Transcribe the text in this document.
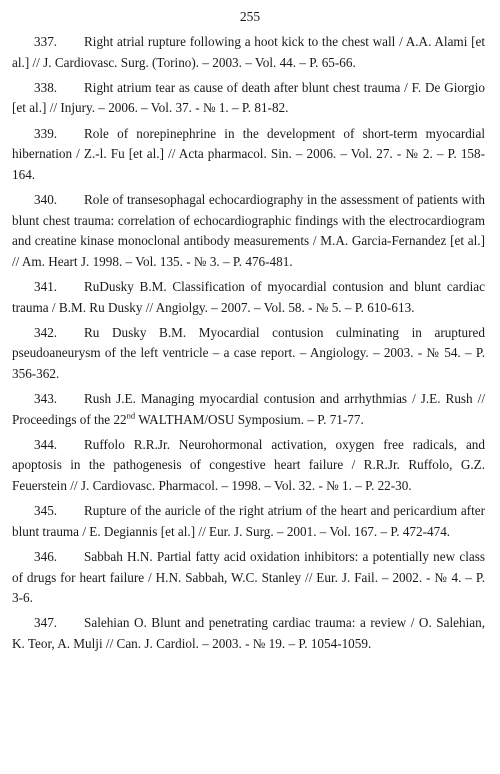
255
337. Right atrial rupture following a hoot kick to the chest wall / A.A. Alami [et al.] // J. Cardiovasc. Surg. (Torino). – 2003. – Vol. 44. – P. 65-66.
338. Right atrium tear as cause of death after blunt chest trauma / F. De Giorgio [et al.] // Injury. – 2006. – Vol. 37. - № 1. – P. 81-82.
339. Role of norepinephrine in the development of short-term myocardial hibernation / Z.-l. Fu [et al.] // Acta pharmacol. Sin. – 2006. – Vol. 27. - № 2. – P. 158-164.
340. Role of transesophagal echocardiography in the assessment of patients with blunt chest trauma: correlation of echocardiographic findings with the electrocardiogram and creatine kinase monoclonal antibody measurements / M.A. Garcia-Fernandez [et al.] // Am. Heart J. 1998. – Vol. 135. - № 3. – P. 476-481.
341. RuDusky B.M. Classification of myocardial contusion and blunt cardiac trauma / B.M. Ru Dusky // Angiolgy. – 2007. – Vol. 58. - № 5. – P. 610-613.
342. Ru Dusky B.M. Myocardial contusion culminating in aruptured pseudoaneurysm of the left ventricle – a case report. – Angiology. – 2003. - № 54. – P. 356-362.
343. Rush J.E. Managing myocardial contusion and arrhythmias / J.E. Rush // Proceedings of the 22nd WALTHAM/OSU Symposium. – P. 71-77.
344. Ruffolo R.R.Jr. Neurohormonal activation, oxygen free radicals, and apoptosis in the pathogenesis of congestive heart failure / R.R.Jr. Ruffolo, G.Z. Feuerstein // J. Cardiovasc. Pharmacol. – 1998. – Vol. 32. - № 1. – P. 22-30.
345. Rupture of the auricle of the right atrium of the heart and pericardium after blunt trauma / E. Degiannis [et al.] // Eur. J. Surg. – 2001. – Vol. 167. – P. 472-474.
346. Sabbah H.N. Partial fatty acid oxidation inhibitors: a potentially new class of drugs for heart failure / H.N. Sabbah, W.C. Stanley // Eur. J. Fail. – 2002. - № 4. – P. 3-6.
347. Salehian O. Blunt and penetrating cardiac trauma: a review / O. Salehian, K. Teor, A. Mulji // Can. J. Cardiol. – 2003. - № 19. – P. 1054-1059.
